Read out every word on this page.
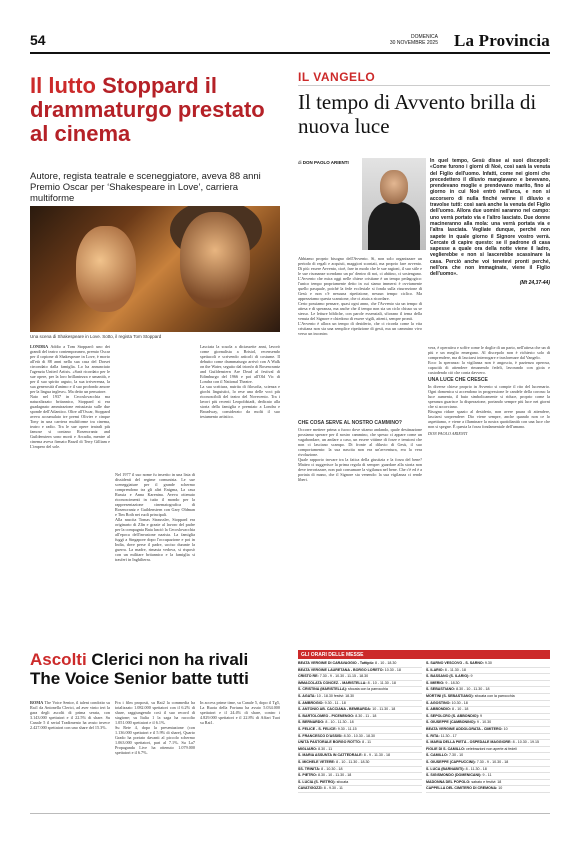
54	DOMENICA
30 NOVEMBRE 2025 La Provincia
Il lutto Stoppard il drammaturgo prestato al cinema
Autore, regista teatrale e sceneggiatore, aveva 88 anni Premio Oscar per ‘Shakespeare in Love’, carriera multiforme
Una scena di Shakespeare in Love. Sotto, il regista Tom Stoppard

LONDRA Addio a Tom Stoppard: uno dei grandi del teatro contemporaneo, premio Oscar per il copione di Shakespeare in Love, è morto all'età di 88 anni nella sua casa del Dorset circondato dalla famiglia. Lo ha annunciato l'agenzia United Artists. «Sarà ricordato per le sue opere, per la loro brillantezza e umanità, e per il suo spirito arguto, la sua irriverenza, la sua generosità d'animo e il suo profondo amore per la lingua inglese». Ma detto un pensatore.

Nato nel 1937 in Cecoslovacchia ma naturalizzato britannico, Stoppard si era guadagnato ammirazione entusiasta sulle due sponde dell'Atlantico. Oltre all'Oscar, Stoppard aveva accumulato tre premi Olivier e cinque Tony in una carriera multiforme tra cinema, teatro e radio. Tra le sue opere teatrali più famose si contano Rosencrantz and Guildenstern sono morti e Arcadia, mentre al cinema aveva firmato Brazil di Terry Gilliam e L'impero del sole.

Nel 1977 il suo nome fu inserito in una lista di dissidenti del regime comunista. Le sue sceneggiature per il grande schermo comprendono tra gli altri Enigma, La casa Russia e Anna Karenina. Aveva ottenuto riconoscimenti in tutto il mondo per la rappresentazione cinematografica di Rosencrantz e Guildenstern con Gary Oldman e Tim Roth nei ruoli principali.

Alla nascita Tomas Straussler, Stoppard era originario di Zlín e grazie al lavoro del padre per la compagnia Bata lasciò la Cecoslovacchia all'epoca dell'invasione nazista. La famiglia fuggì a Singapore dopo l'occupazione e poi in India, dove perse il padre, ucciso durante la guerra. La madre, rimasta vedova, si risposò con un militare britannico e la famiglia si trasferì in Inghilterra.

Lasciata la scuola a diciassette anni, lavorò come giornalista a Bristol, recensendo spettacoli e scrivendo articoli di costume. Il debutto come drammaturgo arrivò con A Walk on the Water, seguito dal trionfo di Rosencrantz and Guildenstern Are Dead al festival di Edimburgo del 1966 e poi all'Old Vic di Londra con il National Theatre.

La sua scrittura, nutrita di filosofia, scienza e giochi linguistici, lo rese una delle voci più riconoscibili del teatro del Novecento. Tra i lavori più recenti Leopoldstadt, dedicato alla storia della famiglia e premiato a Londra e Broadway, considerato da molti il suo testamento artistico.

IL VANGELO
Il tempo di Avvento brilla di nuova luce
di DON PAOLO ARIENTI	In quel tempo, Gesù disse ai suoi discepoli: «Come furono i giorni di Noè, così sarà la venuta del Figlio dell'uomo. Infatti, come nei giorni che precedettero il diluvio mangiavano e bevevano, prendevano moglie e prendevano marito, fino al giorno in cui Noè entrò nell'arca, e non si accorsero di nulla finché venne il diluvio e travolse tutti: così sarà anche la venuta del Figlio dell'uomo. Allora due uomini saranno nel campo: uno verrà portato via e l'altro lasciato. Due donne macineranno alla mola: una verrà portata via e l'altra lasciata. Vegliate dunque, perché non sapete in quale giorno il Signore vostro verrà. Cercate di capire questo: se il padrone di casa sapesse a quale ora della notte viene il ladro, veglierebbe e non si lascerebbe scassinare la casa. Perciò anche voi tenetevi pronti perché, nell'ora che non immaginate, viene il Figlio dell'uomo».
(Mt 24,37-44)

Abbiamo proprio bisogno dell'Avvento. Sì, non solo organizzare un periodo di regali e acquisti, maggiori scontati, ma proprio fare avvento. Di più: essere Avvento, cioè, fare in modo che le sue ragioni, il suo stile e le sue risonanze scendano un po' dentro di noi, ci abitino, ci sostengano. L'Avvento che mica oggi nelle chiese cristiane è un tempo pedagogico: l'unico tempo propriamente detto in cui siamo immersi è ovviamente quello pasquale, poiché la fede ecclesiale si fonda sulla risurrezione di Gesù e non c'è nessuna ripetizione, nessun tempo ciclico. Ma apprezziamo questa scansione, che ci aiuta a ricordare.

Certo possiamo pensare, quasi ogni anno, che l'Avvento sia un tempo di attesa e di speranza, ma anche che il tempo non sia un ciclo chiuso su se stesso. Le letture bibliche, con parole essenziali, sfiorano il tema della venuta del Signore e chiedono di essere vigili, attenti, sempre pronti.

L'Avvento è allora un tempo di desiderio, che ci ricorda come la vita cristiana non sia una semplice ripetizione di gesti, ma un cammino vivo verso un incontro.

CHE COSA SERVE AL NOSTRO CAMMINO?

Occorre mettere prima a fuoco dove stiamo andando, quale destinazione possiamo sperare per il nostro cammino, che spesso ci appare come un vagabondare, un andare a caso, un essere vittime di forze e tensioni che non ci lasciano scampo. Di fronte al diluvio di Gesù, il suo comportamento: la sua nascita non era un'avventura, era la vera rivoluzione.

Quale rapporto trovare tra la fatica della giustizia e la forza del bene? Matteo ci suggerisce la prima regola di sempre: guardare alla storia non deve terrorizzare, non può consumare la vigilanza nel bene. Che c'è ed è a portata di mano, che il Signore sta venendo: la sua vigilanza ci rende liberi.

vera, è operativa e soffre come le doglie di un parto, nell'attesa che un di più e un meglio emergano. Al discepolo non è richiesto solo di comprendere, ma di lasciarsi interrogare e trasformare dal Vangelo.

Ecco la speranza: la vigilanza non è angoscia, è pazienza operosa, capacità di attendere rimanendo fedeli, lavorando con gioia e custodendo ciò che conta davvero.

UNA LUCE CHE CRESCE

In diverse chiese proprio in Avvento si compie il rito del lucernario. Ogni domenica si accendono in progressione le candele della corona: la luce aumenta, il buio simbolicamente si riduce, proprio come la speranza guarisce la disperazione, portando sempre più luce nei giorni che si accorciano.

Bisogna ridare spazio al desiderio, non avere paura di attendere, lasciarsi sorprendere: Dio viene sempre, anche quando non ce lo aspettiamo, e viene a illuminare la nostra quotidianità con una luce che non si spegne. È questa la forza fondamentale dell'umano.

DON PAOLO ARIENTI

Ascolti Clerici non ha rivali The Voice Senior batte tutti

ROMA The Voice Senior, il talent condotto su Rai1 da Antonella Clerici, ad aver vinto ieri la gara degli ascolti di prima serata, con 3.143.000 spettatori e il 22.5% di share. Su Canale 5 il serial Tradimento ha avuto invece 2.427.000 spettatori con uno share del 15.3%.

Fra i film proposti, su Rai2 la commedia ha totalizzato 1.082.000 spettatori con il 6.2% di share, raggiungendo così il suo record di stagione; su Italia 1 la saga ha raccolto 1.051.000 spettatori e il 6.1%.

Su Rete 4, dopo la presentazione (con 1.136.000 spettatori e il 5.9% di share), Quarto Grado ha portato davanti al piccolo schermo 1.063.000 spettatori, pari al 7.1%. Su La7 Propaganda Live ha ottenuto 1.079.000 spettatori e il 6.7%.

In access prime time, su Canale 5, dopo il Tg5, La Ruota della Fortuna ha avuto 5.034.000 spettatori e il 24.4% di share, contro i 4.829.000 spettatori e il 22.8% di Affari Tuoi su Rai1.

GLI ORARI DELLE MESSE
BEATA VERGINE DI CARAVAGGIO - Tuttipiù: 8 - 10 - 18.30
BEATA VERGINE LAURETANA - BORGO LORETO: 10.30 - 18
CRISTO RE: 7.30 - 9 - 10.30 - 11.15 - 18.30
IMMACOLATA CONCEZ. - MARISTELLA: 8 - 10 - 11.30 - 18
S. CRISTINA (MARISTELLA): sfocata con la parrocchia
S. AGATA: 10 - 18.30 festivi: 18.30
S. AMBROGIO: 9.30 - 11 - 18
S. ANTONIO AB. CACCIANA - BEMBARDA: 10 - 11.30 - 18
S. BARTOLOMEO - PICENENGO: 8.30 - 11 - 18
S. BERNARDO: 8 - 10 - 11.30 - 18
S. FELICE - S. FELICE: 9.30 - 11.15
S. FRANCESCO D'ASSISI: 8.30 - 10.30 - 18.30
UNITÀ PASTORALE BORGO ROTTO: 8 - 11
MIGLIARO: 8.30 - 11
S. MARIA ASSUNTA IN CATTEDRALE: 8 - 9 - 11.30 - 18
S. MICHELE VETERE: 8 - 10 - 11.30 - 18.30
SS. TRINITÀ: 8 - 10.30 - 18
S. PIETRO: 8.30 - 10 - 11.30 - 18
S. LUCIA (S. PIETRO): sfocata
CAVATIGOZZI: 8 - 9.30 - 11
S. SARNO VESCOVO - S. SARNO: 9.30
S. ILARIO: 8 - 11.30 - 18
S. BASSANO (S. ILARIO): 9
S. IMERIO: 9 - 18.30
S. SEBASTIANO: 8.30 - 10 - 11.30 - 18
MORTINI (S. SEBASTIANO): sfocata con la parrocchia
S. AGOSTINO: 10.30 - 18
S. ABBONDIO: 8 - 10 - 18
S. SEPOLCRO (S. ABBONDIO): 9
S. GIUSEPPE (CAMBONINO): 9 - 10.30
BEATA VERGINE ADDOLORATA - CIMITERO: 10
S. RITA: 11.30 - 17
S. MARIA DELLA PIETÀ - OSPEDALE MAGGIORE: 8 - 10.30 - 19.15
FIGLIE DI S. CAMILLO: celebrazioni non aperte ai fedeli
S. CAMILLO: 7.30 - 10
S. GIUSEPPE (CAPPUCCINI): 7.30 - 9 - 10.30 - 18
S. LUCA (BARNABITI): 8 - 11.30 - 18
S. SIGISMONDO (DOMENICANI): 9 - 11
MADONNA DEL POPOLO: sabato e festivi: 18
CAPPELLA DEL CIMITERO DI CREMONA: 10
